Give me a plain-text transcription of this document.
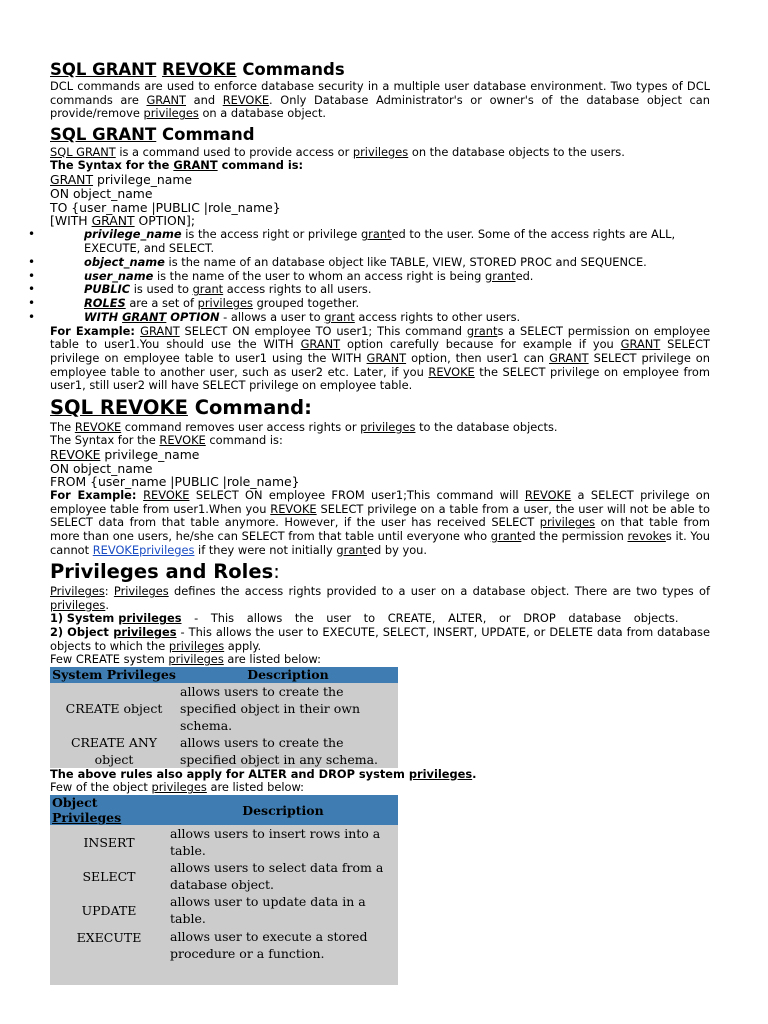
SQL GRANT REVOKE Commands

DCL commands are used to enforce database security in a multiple user database environment. Two types of DCL commands are GRANT and REVOKE. Only Database Administrator's or owner's of the database object can provide/remove privileges on a database object.

SQL GRANT Command

SQL GRANT is a command used to provide access or privileges on the database objects to the users.

The Syntax for the GRANT command is:

GRANT privilege_name
ON object_name
TO {user_name |PUBLIC |role_name}
[WITH GRANT OPTION];
• privilege_name is the access right or privilege granted to the user. Some of the access rights are ALL, EXECUTE, and SELECT.
• object_name is the name of an database object like TABLE, VIEW, STORED PROC and SEQUENCE.
• user_name is the name of the user to whom an access right is being granted.
• PUBLIC is used to grant access rights to all users.
• ROLES are a set of privileges grouped together.
• WITH GRANT OPTION - allows a user to grant access rights to other users.

For Example: GRANT SELECT ON employee TO user1; This command grants a SELECT permission on employee table to user1.You should use the WITH GRANT option carefully because for example if you GRANT SELECT privilege on employee table to user1 using the WITH GRANT option, then user1 can GRANT SELECT privilege on employee table to another user, such as user2 etc. Later, if you REVOKE the SELECT privilege on employee from user1, still user2 will have SELECT privilege on employee table.

SQL REVOKE Command:

The REVOKE command removes user access rights or privileges to the database objects.

The Syntax for the REVOKE command is:

REVOKE privilege_name
ON object_name
FROM {user_name |PUBLIC |role_name}

For Example: REVOKE SELECT ON employee FROM user1;This command will REVOKE a SELECT privilege on employee table from user1.When you REVOKE SELECT privilege on a table from a user, the user will not be able to SELECT data from that table anymore. However, if the user has received SELECT privileges on that table from more than one users, he/she can SELECT from that table until everyone who granted the permission revokes it. You cannot REVOKEprivileges if they were not initially granted by you.

Privileges and Roles:

Privileges: Privileges defines the access rights provided to a user on a database object. There are two types of privileges.

1) System privileges - This allows the user to CREATE, ALTER, or DROP database objects.

2) Object privileges - This allows the user to EXECUTE, SELECT, INSERT, UPDATE, or DELETE data from database objects to which the privileges apply.

Few CREATE system privileges are listed below:

System Privileges	Description
CREATE object	allows users to create the specified object in their own schema.
CREATE ANY object	allows users to create the specified object in any schema.

The above rules also apply for ALTER and DROP system privileges.

Few of the object privileges are listed below:

Object Privileges	Description
INSERT	allows users to insert rows into a table.
SELECT	allows users to select data from a database object.
UPDATE	allows user to update data in a table.
EXECUTE	allows user to execute a stored procedure or a function.
